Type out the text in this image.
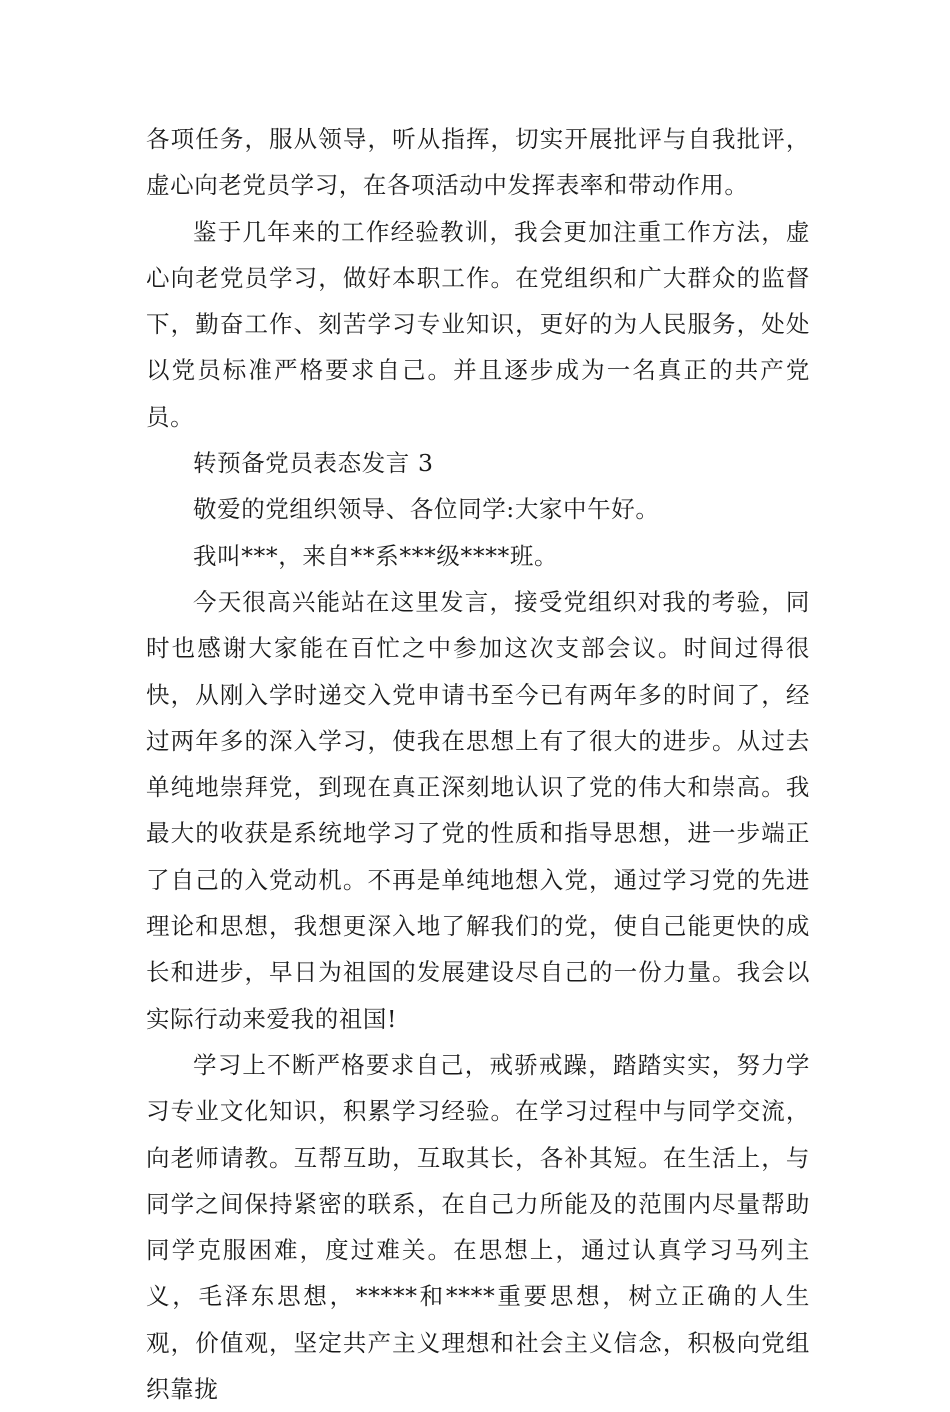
各项任务，服从领导，听从指挥，切实开展批评与自我批评，虚心向老党员学习，在各项活动中发挥表率和带动作用。

鉴于几年来的工作经验教训，我会更加注重工作方法，虚心向老党员学习，做好本职工作。在党组织和广大群众的监督下，勤奋工作、刻苦学习专业知识，更好的为人民服务，处处以党员标准严格要求自己。并且逐步成为一名真正的共产党员。

转预备党员表态发言 3

敬爱的党组织领导、各位同学:大家中午好。

我叫***，来自**系***级****班。

今天很高兴能站在这里发言，接受党组织对我的考验，同时也感谢大家能在百忙之中参加这次支部会议。时间过得很快，从刚入学时递交入党申请书至今已有两年多的时间了，经过两年多的深入学习，使我在思想上有了很大的进步。从过去单纯地崇拜党，到现在真正深刻地认识了党的伟大和崇高。我最大的收获是系统地学习了党的性质和指导思想，进一步端正了自己的入党动机。不再是单纯地想入党，通过学习党的先进理论和思想，我想更深入地了解我们的党，使自己能更快的成长和进步，早日为祖国的发展建设尽自己的一份力量。我会以实际行动来爱我的祖国!

学习上不断严格要求自己，戒骄戒躁，踏踏实实，努力学习专业文化知识，积累学习经验。在学习过程中与同学交流，向老师请教。互帮互助，互取其长，各补其短。在生活上，与同学之间保持紧密的联系，在自己力所能及的范围内尽量帮助同学克服困难，度过难关。在思想上，通过认真学习马列主义，毛泽东思想，*****和****重要思想，树立正确的人生观，价值观，坚定共产主义理想和社会主义信念，积极向党组织靠拢
